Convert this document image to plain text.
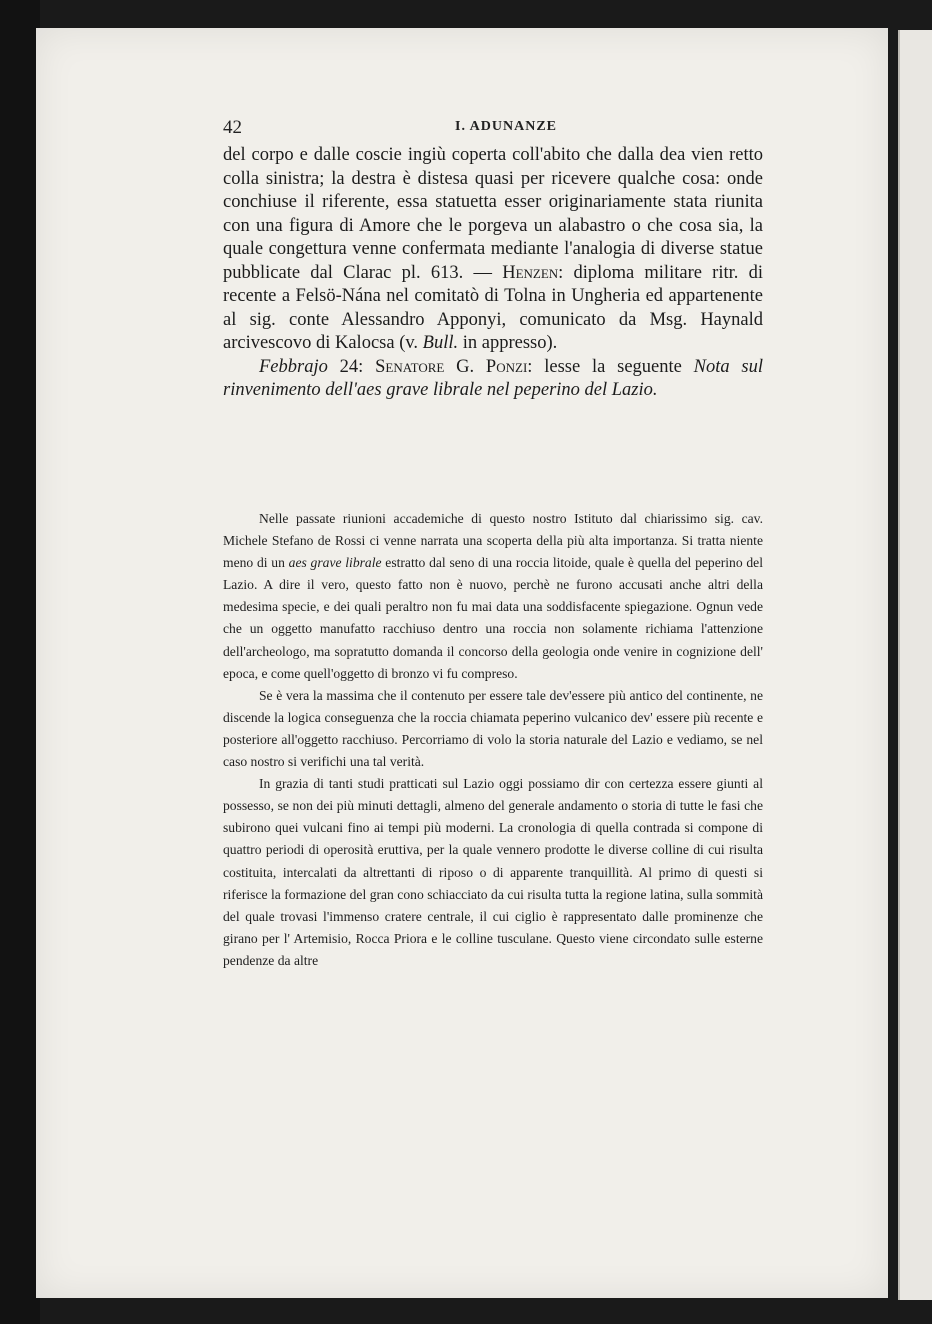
42	I. ADUNANZE

del corpo e dalle coscie ingiù coperta coll'abito che dalla dea vien retto colla sinistra; la destra è distesa quasi per ricevere qualche cosa: onde conchiuse il riferente, essa statuetta esser originariamente stata riunita con una figura di Amore che le porgeva un alabastro o che cosa sia, la quale congettura venne confermata mediante l'analogia di diverse statue pubblicate dal Clarac pl. 613. — Henzen: diploma militare ritr. di recente a Felsö-Nána nel comitatò di Tolna in Ungheria ed appartenente al sig. conte Alessandro Apponyi, comunicato da Msg. Haynald arcivescovo di Kalocsa (v. Bull. in appresso).

Febbrajo 24: Senatore G. Ponzi: lesse la seguente Nota sul rinvenimento dell'aes grave librale nel peperino del Lazio.

Nelle passate riunioni accademiche di questo nostro Istituto dal chiarissimo sig. cav. Michele Stefano de Rossi ci venne narrata una scoperta della più alta importanza. Si tratta niente meno di un aes grave librale estratto dal seno di una roccia litoide, quale è quella del peperino del Lazio. A dire il vero, questo fatto non è nuovo, perchè ne furono accusati anche altri della medesima specie, e dei quali peraltro non fu mai data una soddisfacente spiegazione. Ognun vede che un oggetto manufatto racchiuso dentro una roccia non solamente richiama l'attenzione dell'archeologo, ma sopratutto domanda il concorso della geologia onde venire in cognizione dell' epoca, e come quell'oggetto di bronzo vi fu compreso.

Se è vera la massima che il contenuto per essere tale dev'essere più antico del continente, ne discende la logica conseguenza che la roccia chiamata peperino vulcanico dev' essere più recente e posteriore all'oggetto racchiuso. Percorriamo di volo la storia naturale del Lazio e vediamo, se nel caso nostro si verifichi una tal verità.

In grazia di tanti studi pratticati sul Lazio oggi possiamo dir con certezza essere giunti al possesso, se non dei più minuti dettagli, almeno del generale andamento o storia di tutte le fasi che subirono quei vulcani fino ai tempi più moderni. La cronologia di quella contrada si compone di quattro periodi di operosità eruttiva, per la quale vennero prodotte le diverse colline di cui risulta costituita, intercalati da altrettanti di riposo o di apparente tranquillità. Al primo di questi si riferisce la formazione del gran cono schiacciato da cui risulta tutta la regione latina, sulla sommità del quale trovasi l'immenso cratere centrale, il cui ciglio è rappresentato dalle prominenze che girano per l' Artemisio, Rocca Priora e le colline tusculane. Questo viene circondato sulle esterne pendenze da altre
